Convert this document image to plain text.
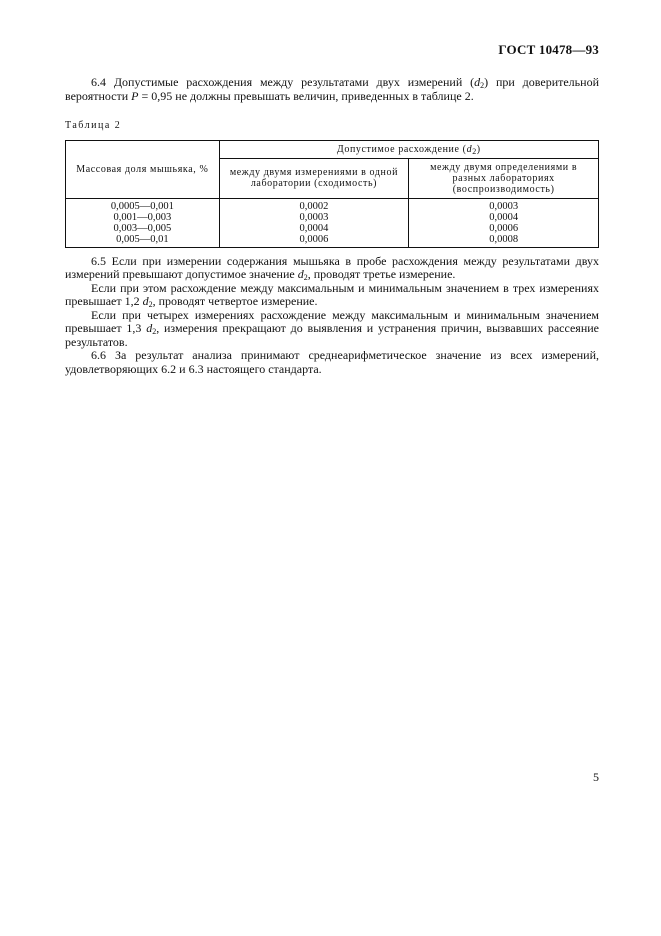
ГОСТ 10478—93

6.4 Допустимые расхождения между результатами двух измерений $(d_2)$ при доверительной вероятности P = 0,95 не должны превышать величин, приведенных в таблице 2.

Таблица 2

Массовая доля мышьяка, %	Допустимое расхождение $(d_2)$	
	между двумя измерениями в одной лаборатории (сходимость)	между двумя определениями в разных лабораториях (воспроизводимость)
0,0005—0,001	0,0002	0,0003
0,001—0,003	0,0003	0,0004
0,003—0,005	0,0004	0,0006
0,005—0,01	0,0006	0,0008

6.5 Если при измерении содержания мышьяка в пробе расхождения между результатами двух измерений превышают допустимое значение $d_2$, проводят третье измерение.

Если при этом расхождение между максимальным и минимальным значением в трех измерениях превышает 1,2 $d_2$, проводят четвертое измерение.

Если при четырех измерениях расхождение между максимальным и минимальным значением превышает 1,3 $d_2$, измерения прекращают до выявления и устранения причин, вызвавших рассеяние результатов.

6.6 За результат анализа принимают среднеарифметическое значение из всех измерений, удовлетворяющих 6.2 и 6.3 настоящего стандарта.

5
